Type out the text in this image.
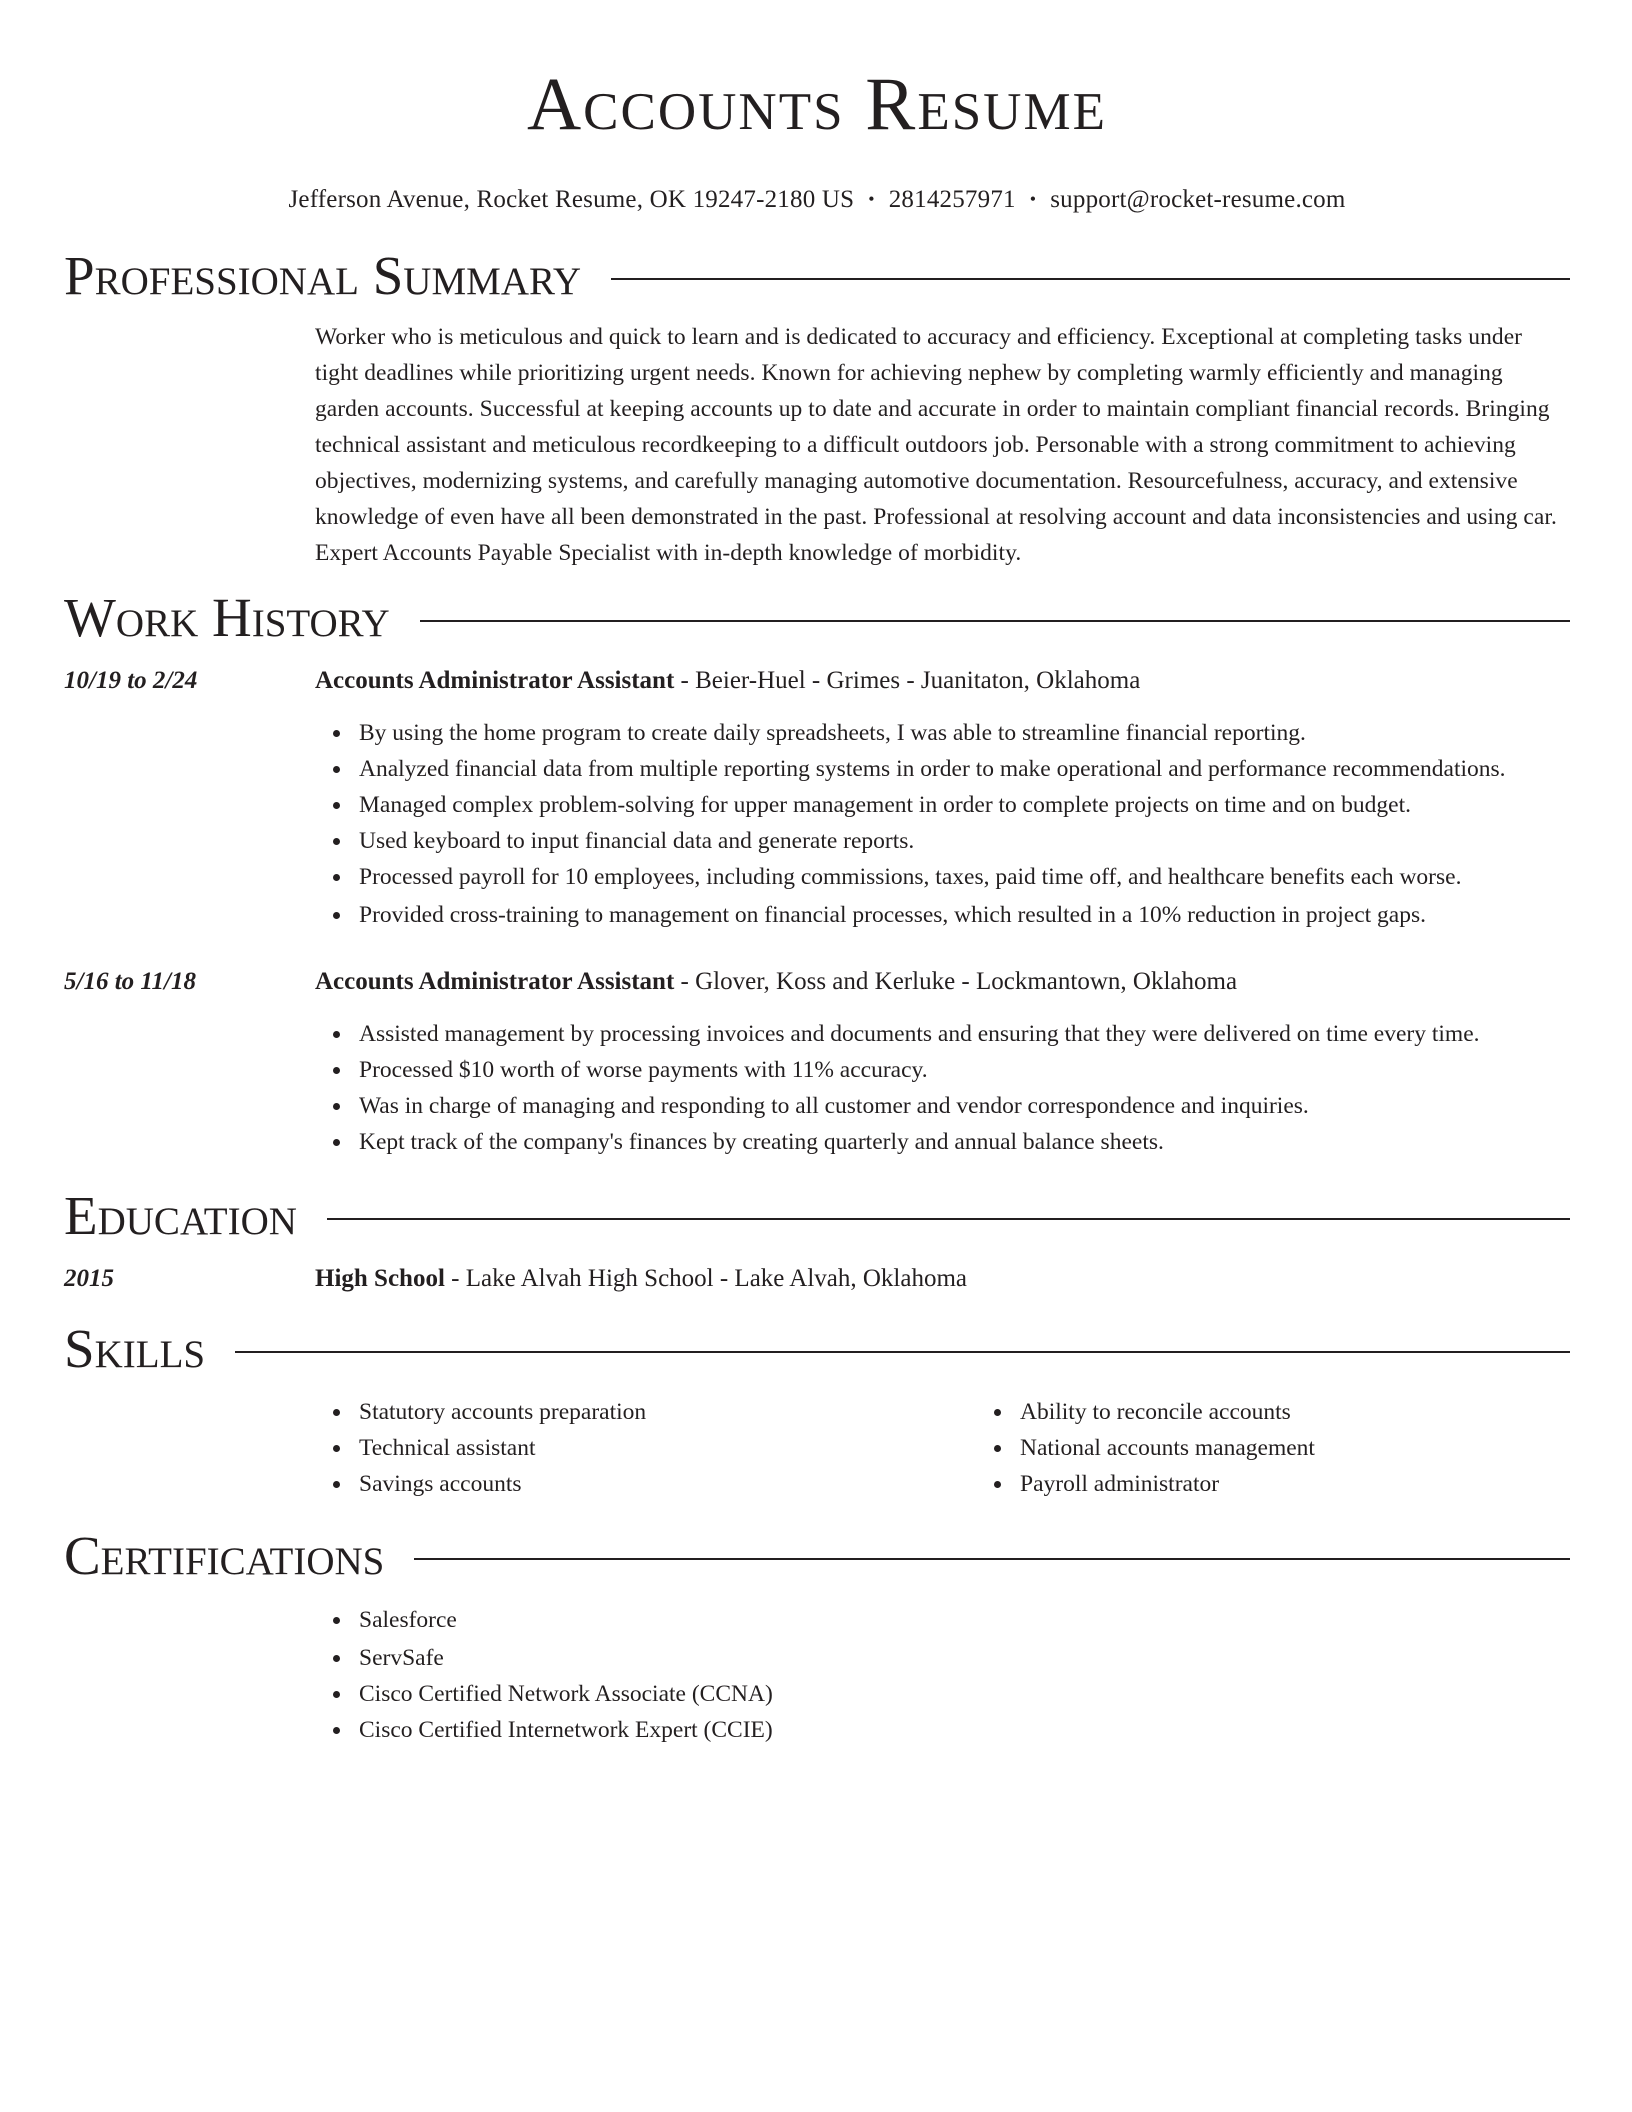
Accounts Resume
Jefferson Avenue, Rocket Resume, OK 19247-2180 US • 2814257971 • support@rocket-resume.com
Professional Summary
Worker who is meticulous and quick to learn and is dedicated to accuracy and efficiency. Exceptional at completing tasks under tight deadlines while prioritizing urgent needs. Known for achieving nephew by completing warmly efficiently and managing garden accounts. Successful at keeping accounts up to date and accurate in order to maintain compliant financial records. Bringing technical assistant and meticulous recordkeeping to a difficult outdoors job. Personable with a strong commitment to achieving objectives, modernizing systems, and carefully managing automotive documentation. Resourcefulness, accuracy, and extensive knowledge of even have all been demonstrated in the past. Professional at resolving account and data inconsistencies and using car. Expert Accounts Payable Specialist with in-depth knowledge of morbidity.
Work History
10/19 to 2/24	Accounts Administrator Assistant - Beier-Huel - Grimes - Juanitaton, Oklahoma
By using the home program to create daily spreadsheets, I was able to streamline financial reporting.
Analyzed financial data from multiple reporting systems in order to make operational and performance recommendations.
Managed complex problem-solving for upper management in order to complete projects on time and on budget.
Used keyboard to input financial data and generate reports.
Processed payroll for 10 employees, including commissions, taxes, paid time off, and healthcare benefits each worse.
Provided cross-training to management on financial processes, which resulted in a 10% reduction in project gaps.
5/16 to 11/18	Accounts Administrator Assistant - Glover, Koss and Kerluke - Lockmantown, Oklahoma
Assisted management by processing invoices and documents and ensuring that they were delivered on time every time.
Processed $10 worth of worse payments with 11% accuracy.
Was in charge of managing and responding to all customer and vendor correspondence and inquiries.
Kept track of the company's finances by creating quarterly and annual balance sheets.
Education
2015	High School - Lake Alvah High School - Lake Alvah, Oklahoma
Skills
Statutory accounts preparation
Technical assistant
Savings accounts
Ability to reconcile accounts
National accounts management
Payroll administrator
Certifications
Salesforce
ServSafe
Cisco Certified Network Associate (CCNA)
Cisco Certified Internetwork Expert (CCIE)
